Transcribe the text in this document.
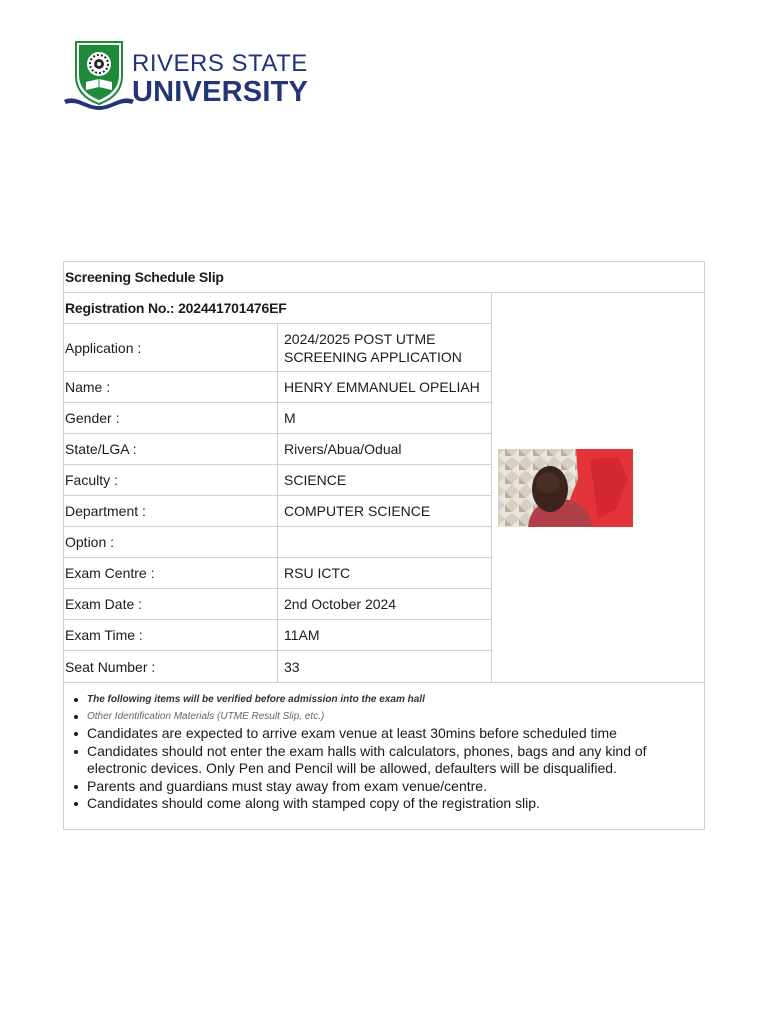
RIVERS STATE
UNIVERSITY
Screening Schedule Slip
Registration No.: 202441701476EF
Application :
2024/2025 POST UTME SCREENING APPLICATION
Name :	HENRY EMMANUEL OPELIAH
Gender :	M
State/LGA :	Rivers/Abua/Odual
Faculty :	SCIENCE
Department :	COMPUTER SCIENCE
Option :
Exam Centre :	RSU ICTC
Exam Date :	2nd October 2024
Exam Time :	11AM
Seat Number :	33
The following items will be verified before admission into the exam hall
Other Identification Materials (UTME Result Slip, etc.)
Candidates are expected to arrive exam venue at least 30mins before scheduled time
Candidates should not enter the exam halls with calculators, phones, bags and any kind of electronic devices. Only Pen and Pencil will be allowed, defaulters will be disqualified.
Parents and guardians must stay away from exam venue/centre.
Candidates should come along with stamped copy of the registration slip.
